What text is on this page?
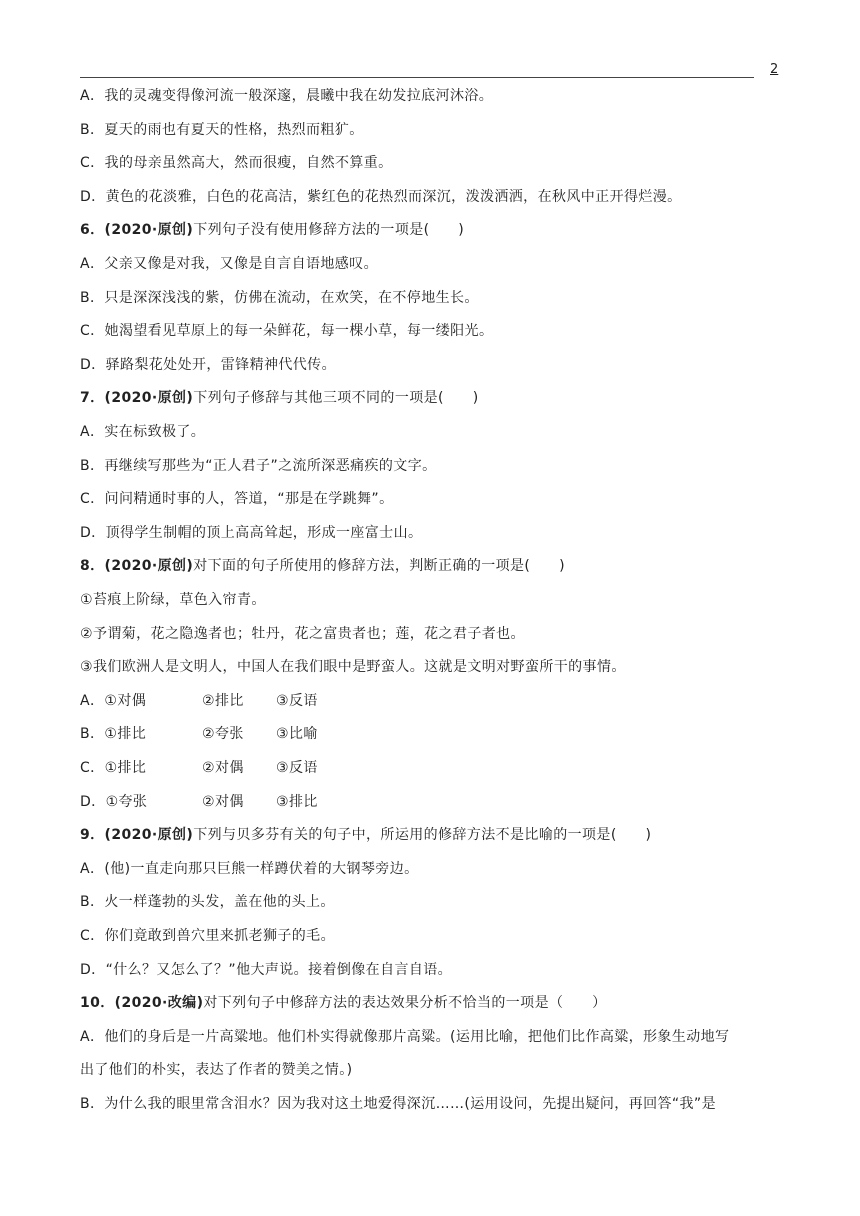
2
A．我的灵魂变得像河流一般深邃，晨曦中我在幼发拉底河沐浴。
B．夏天的雨也有夏天的性格，热烈而粗犷。
C．我的母亲虽然高大，然而很瘦，自然不算重。
D．黄色的花淡雅，白色的花高洁，紫红色的花热烈而深沉，泼泼洒洒，在秋风中正开得烂漫。
6．(2020·原创)下列句子没有使用修辞方法的一项是(　　)
A．父亲又像是对我，又像是自言自语地感叹。
B．只是深深浅浅的紫，仿佛在流动，在欢笑，在不停地生长。
C．她渴望看见草原上的每一朵鲜花，每一棵小草，每一缕阳光。
D．驿路梨花处处开，雷锋精神代代传。
7．(2020·原创)下列句子修辞与其他三项不同的一项是(　　)
A．实在标致极了。
B．再继续写那些为“正人君子”之流所深恶痛疾的文字。
C．问问精通时事的人，答道，“那是在学跳舞”。
D．顶得学生制帽的顶上高高耸起，形成一座富士山。
8．(2020·原创)对下面的句子所使用的修辞方法，判断正确的一项是(　　)
①苔痕上阶绿，草色入帘青。
②予谓菊，花之隐逸者也；牡丹，花之富贵者也；莲，花之君子者也。
③我们欧洲人是文明人，中国人在我们眼中是野蛮人。这就是文明对野蛮所干的事情。
A．①对偶	②排比 ③反语
B．①排比	②夸张 ③比喻
C．①排比	②对偶 ③反语
D．①夸张	②对偶 ③排比
9．(2020·原创)下列与贝多芬有关的句子中，所运用的修辞方法不是比喻的一项是(　　)
A．(他)一直走向那只巨熊一样蹲伏着的大钢琴旁边。
B．火一样蓬勃的头发，盖在他的头上。
C．你们竟敢到兽穴里来抓老狮子的毛。
D．“什么？又怎么了？”他大声说。接着倒像在自言自语。
10．(2020·改编)对下列句子中修辞方法的表达效果分析不恰当的一项是（　　）
A．他们的身后是一片高粱地。他们朴实得就像那片高粱。(运用比喻，把他们比作高粱，形象生动地写
出了他们的朴实，表达了作者的赞美之情。)
B．为什么我的眼里常含泪水？因为我对这土地爱得深沉……(运用设问，先提出疑问，再回答“我”是
